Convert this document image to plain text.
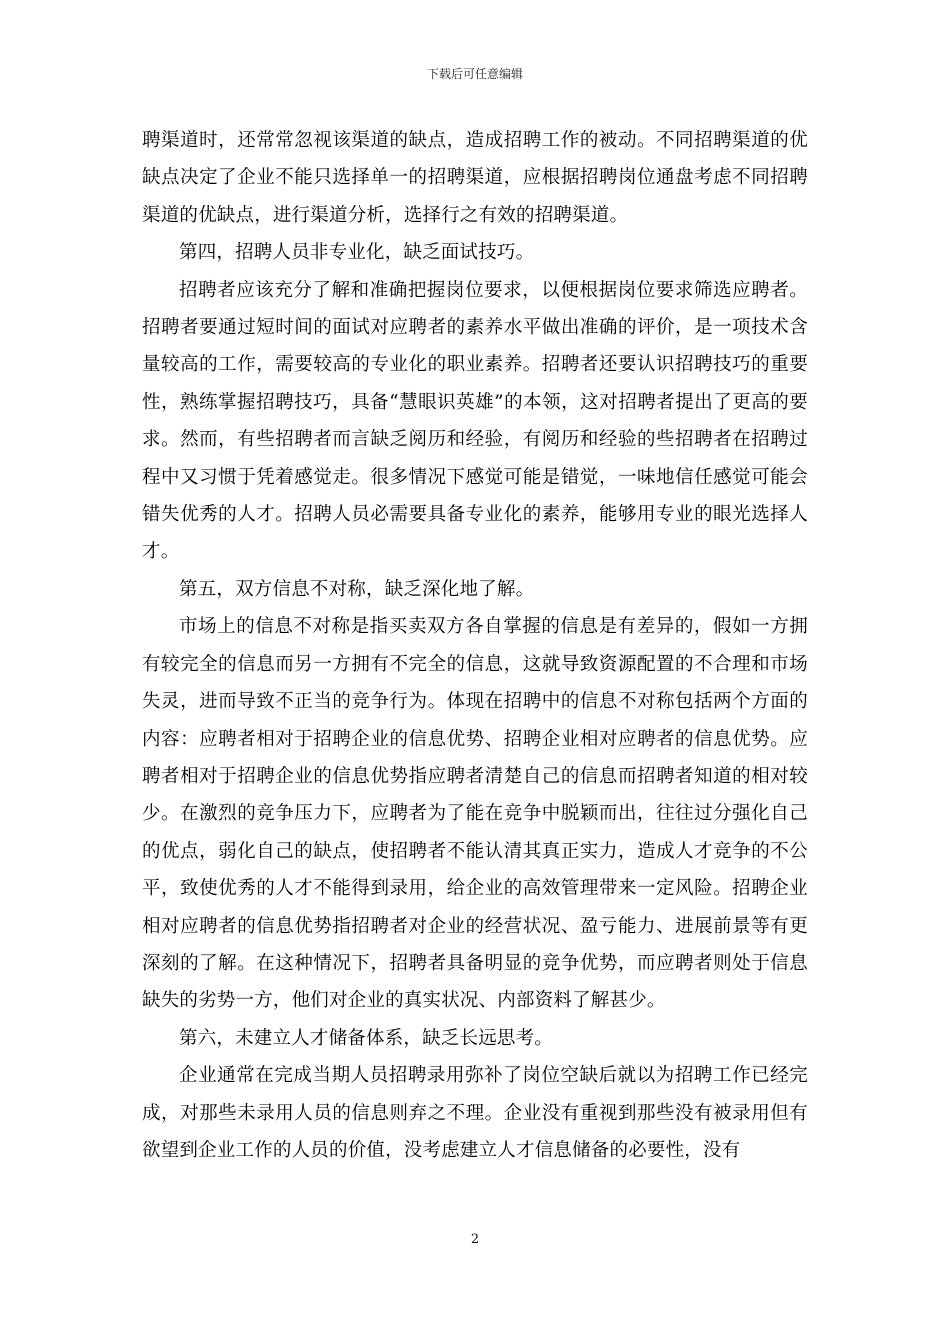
下载后可任意编辑

聘渠道时，还常常忽视该渠道的缺点，造成招聘工作的被动。不同招聘渠道的优缺点决定了企业不能只选择单一的招聘渠道，应根据招聘岗位通盘考虑不同招聘渠道的优缺点，进行渠道分析，选择行之有效的招聘渠道。

第四，招聘人员非专业化，缺乏面试技巧。

招聘者应该充分了解和准确把握岗位要求，以便根据岗位要求筛选应聘者。招聘者要通过短时间的面试对应聘者的素养水平做出准确的评价，是一项技术含量较高的工作，需要较高的专业化的职业素养。招聘者还要认识招聘技巧的重要性，熟练掌握招聘技巧，具备“慧眼识英雄”的本领，这对招聘者提出了更高的要求。然而，有些招聘者而言缺乏阅历和经验，有阅历和经验的些招聘者在招聘过程中又习惯于凭着感觉走。很多情况下感觉可能是错觉，一味地信任感觉可能会错失优秀的人才。招聘人员必需要具备专业化的素养，能够用专业的眼光选择人才。

第五，双方信息不对称，缺乏深化地了解。

市场上的信息不对称是指买卖双方各自掌握的信息是有差异的，假如一方拥有较完全的信息而另一方拥有不完全的信息，这就导致资源配置的不合理和市场失灵，进而导致不正当的竞争行为。体现在招聘中的信息不对称包括两个方面的内容：应聘者相对于招聘企业的信息优势、招聘企业相对应聘者的信息优势。应聘者相对于招聘企业的信息优势指应聘者清楚自己的信息而招聘者知道的相对较少。在激烈的竞争压力下，应聘者为了能在竞争中脱颖而出，往往过分强化自己的优点，弱化自己的缺点，使招聘者不能认清其真正实力，造成人才竞争的不公平，致使优秀的人才不能得到录用，给企业的高效管理带来一定风险。招聘企业相对应聘者的信息优势指招聘者对企业的经营状况、盈亏能力、进展前景等有更深刻的了解。在这种情况下，招聘者具备明显的竞争优势，而应聘者则处于信息缺失的劣势一方，他们对企业的真实状况、内部资料了解甚少。

第六，未建立人才储备体系，缺乏长远思考。

企业通常在完成当期人员招聘录用弥补了岗位空缺后就以为招聘工作已经完成，对那些未录用人员的信息则弃之不理。企业没有重视到那些没有被录用但有欲望到企业工作的人员的价值，没考虑建立人才信息储备的必要性，没有

2
